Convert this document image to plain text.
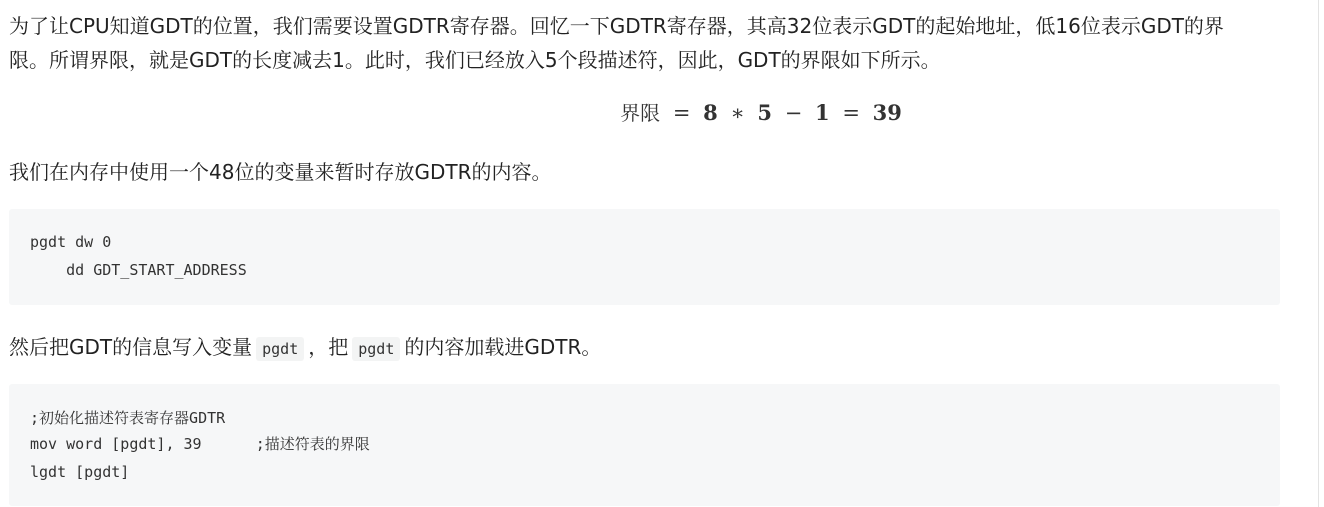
为了让CPU知道GDT的位置，我们需要设置GDTR寄存器。回忆一下GDTR寄存器，其高32位表示GDT的起始地址，低16位表示GDT的界
限。所谓界限，就是GDT的长度减去1。此时，我们已经放入5个段描述符，因此，GDT的界限如下所示。
界限 = 8 ∗ 5 − 1 = 39
我们在内存中使用一个48位的变量来暂时存放GDTR的内容。
pgdt dw 0
dd GDT_START_ADDRESS
然后把GDT的信息写入变量 pgdt ，把 pgdt 的内容加载进GDTR。
;初始化描述符表寄存器GDTR
mov word [pgdt], 39      ;描述符表的界限
lgdt [pgdt]
